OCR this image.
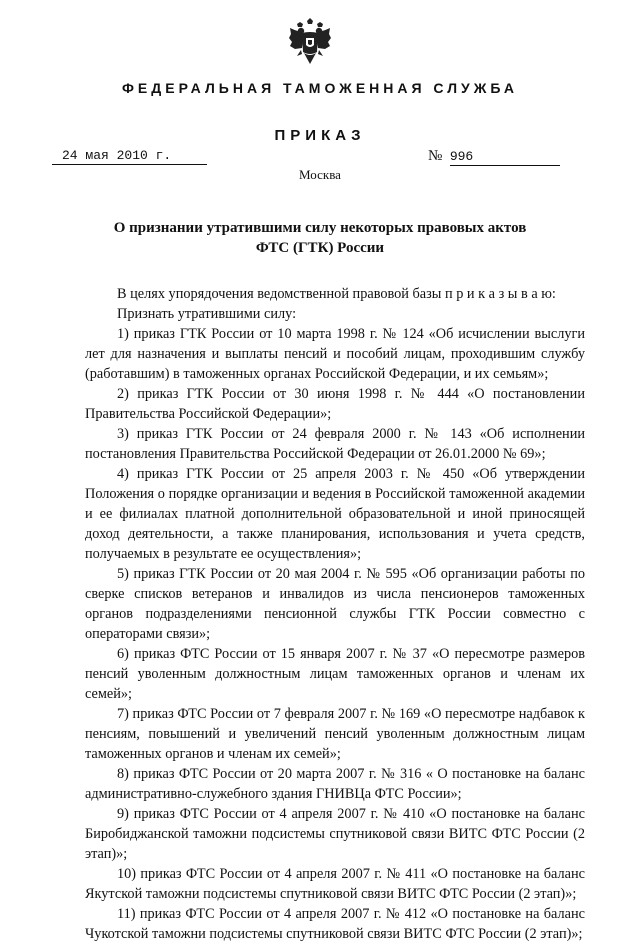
ФЕДЕРАЛЬНАЯ ТАМОЖЕННАЯ СЛУЖБА
ПРИКАЗ
24 мая 2010 г.	№ 996
Москва
О признании утратившими силу некоторых правовых актов
ФТС (ГТК) России

В целях упорядочения ведомственной правовой базы п р и к а з ы в а ю:

Признать утратившими силу:

1) приказ ГТК России от 10 марта 1998 г. № 124 «Об исчислении выслуги лет для назначения и выплаты пенсий и пособий лицам, проходившим службу (работавшим) в таможенных органах Российской Федерации, и их семьям»;

2) приказ ГТК России от 30 июня 1998 г. № 444 «О постановлении Правительства Российской Федерации»;

3) приказ ГТК России от 24 февраля 2000 г. № 143 «Об исполнении постановления Правительства Российской Федерации от 26.01.2000 № 69»;

4) приказ ГТК России от 25 апреля 2003 г. № 450 «Об утверждении Положения о порядке организации и ведения в Российской таможенной академии и ее филиалах платной дополнительной образовательной и иной приносящей доход деятельности, а также планирования, использования и учета средств, получаемых в результате ее осуществления»;

5) приказ ГТК России от 20 мая 2004 г. № 595 «Об организации работы по сверке списков ветеранов и инвалидов из числа пенсионеров таможенных органов подразделениями пенсионной службы ГТК России совместно с операторами связи»;

6) приказ ФТС России от 15 января 2007 г. № 37 «О пересмотре размеров пенсий уволенным должностным лицам таможенных органов и членам их семей»;

7) приказ ФТС России от 7 февраля 2007 г. № 169 «О пересмотре надбавок к пенсиям, повышений и увеличений пенсий уволенным должностным лицам таможенных органов и членам их семей»;

8) приказ ФТС России от 20 марта 2007 г. № 316 « О постановке на баланс административно-служебного здания ГНИВЦа ФТС России»;

9) приказ ФТС России от 4 апреля 2007 г. № 410 «О постановке на баланс Биробиджанской таможни подсистемы спутниковой связи ВИТС ФТС России (2 этап)»;

10) приказ ФТС России от 4 апреля 2007 г. № 411 «О постановке на баланс Якутской таможни подсистемы спутниковой связи ВИТС ФТС России (2 этап)»;

11) приказ ФТС России от 4 апреля 2007 г. № 412 «О постановке на баланс Чукотской таможни подсистемы спутниковой связи ВИТС ФТС России (2 этап)»;
